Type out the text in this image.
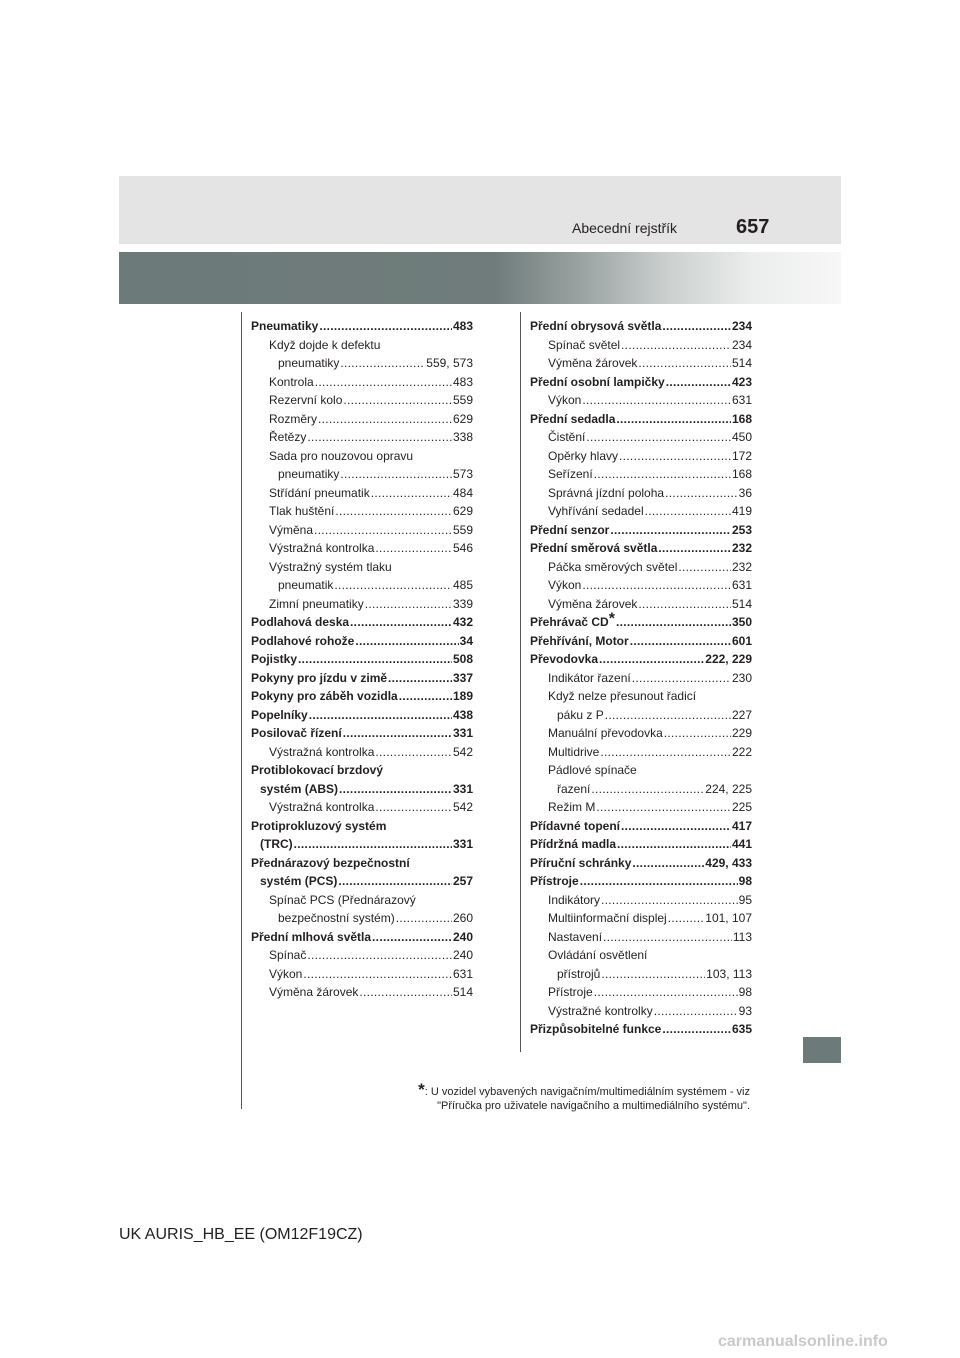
Abecední rejstřík	657
Pneumatiky .....	483
Když dojde k defektu
pneumatiky .....	559, 573
Kontrola .....	483
Rezervní kolo .....	559
Rozměry .....	629
Řetězy .....	338
Sada pro nouzovou opravu
pneumatiky .....	573
Střídání pneumatik .....	484
Tlak huštění .....	629
Výměna .....	559
Výstražná kontrolka .....	546
Výstražný systém tlaku
pneumatik .....	485
Zimní pneumatiky .....	339
Podlahová deska .....	432
Podlahové rohože .....	34
Pojistky .....	508
Pokyny pro jízdu v zimě .....	337
Pokyny pro záběh vozidla .....	189
Popelníky .....	438
Posilovač řízení .....	331
Výstražná kontrolka .....	542
Protiblokovací brzdový
systém (ABS) .....	331
Výstražná kontrolka .....	542
Protiprokluzový systém
(TRC) .....	331
Přednárazový bezpečnostní
systém (PCS) .....	257
Spínač PCS (Přednárazový
bezpečnostní systém) .....	260
Přední mlhová světla .....	240
Spínač .....	240
Výkon .....	631
Výměna žárovek .....	514
Přední obrysová světla .....	234
Spínač světel .....	234
Výměna žárovek .....	514
Přední osobní lampičky .....	423
Výkon .....	631
Přední sedadla .....	168
Čistění .....	450
Opěrky hlavy .....	172
Seřízení .....	168
Správná jízdní poloha .....	36
Vyhřívání sedadel .....	419
Přední senzor .....	253
Přední směrová světla .....	232
Páčka směrových světel .....	232
Výkon .....	631
Výměna žárovek .....	514
Přehrávač CD* .....	350
Přehřívání, Motor .....	601
Převodovka .....	222, 229
Indikátor řazení .....	230
Když nelze přesunout řadicí
páku z P .....	227
Manuální převodovka .....	229
Multidrive .....	222
Pádlové spínače
řazení .....	224, 225
Režim M .....	225
Přídavné topení .....	417
Přídržná madla .....	441
Příruční schránky .....	429, 433
Přístroje .....	98
Indikátory .....	95
Multiinformační displej .....	101, 107
Nastavení .....	113
Ovládání osvětlení
přístrojů .....	103, 113
Přístroje .....	98
Výstražné kontrolky .....	93
Přizpůsobitelné funkce .....	635
*: U vozidel vybavených navigačním/multimediálním systémem - viz
"Příručka pro uživatele navigačního a multimediálního systému".
UK AURIS_HB_EE (OM12F19CZ)
carmanualsonline.info
